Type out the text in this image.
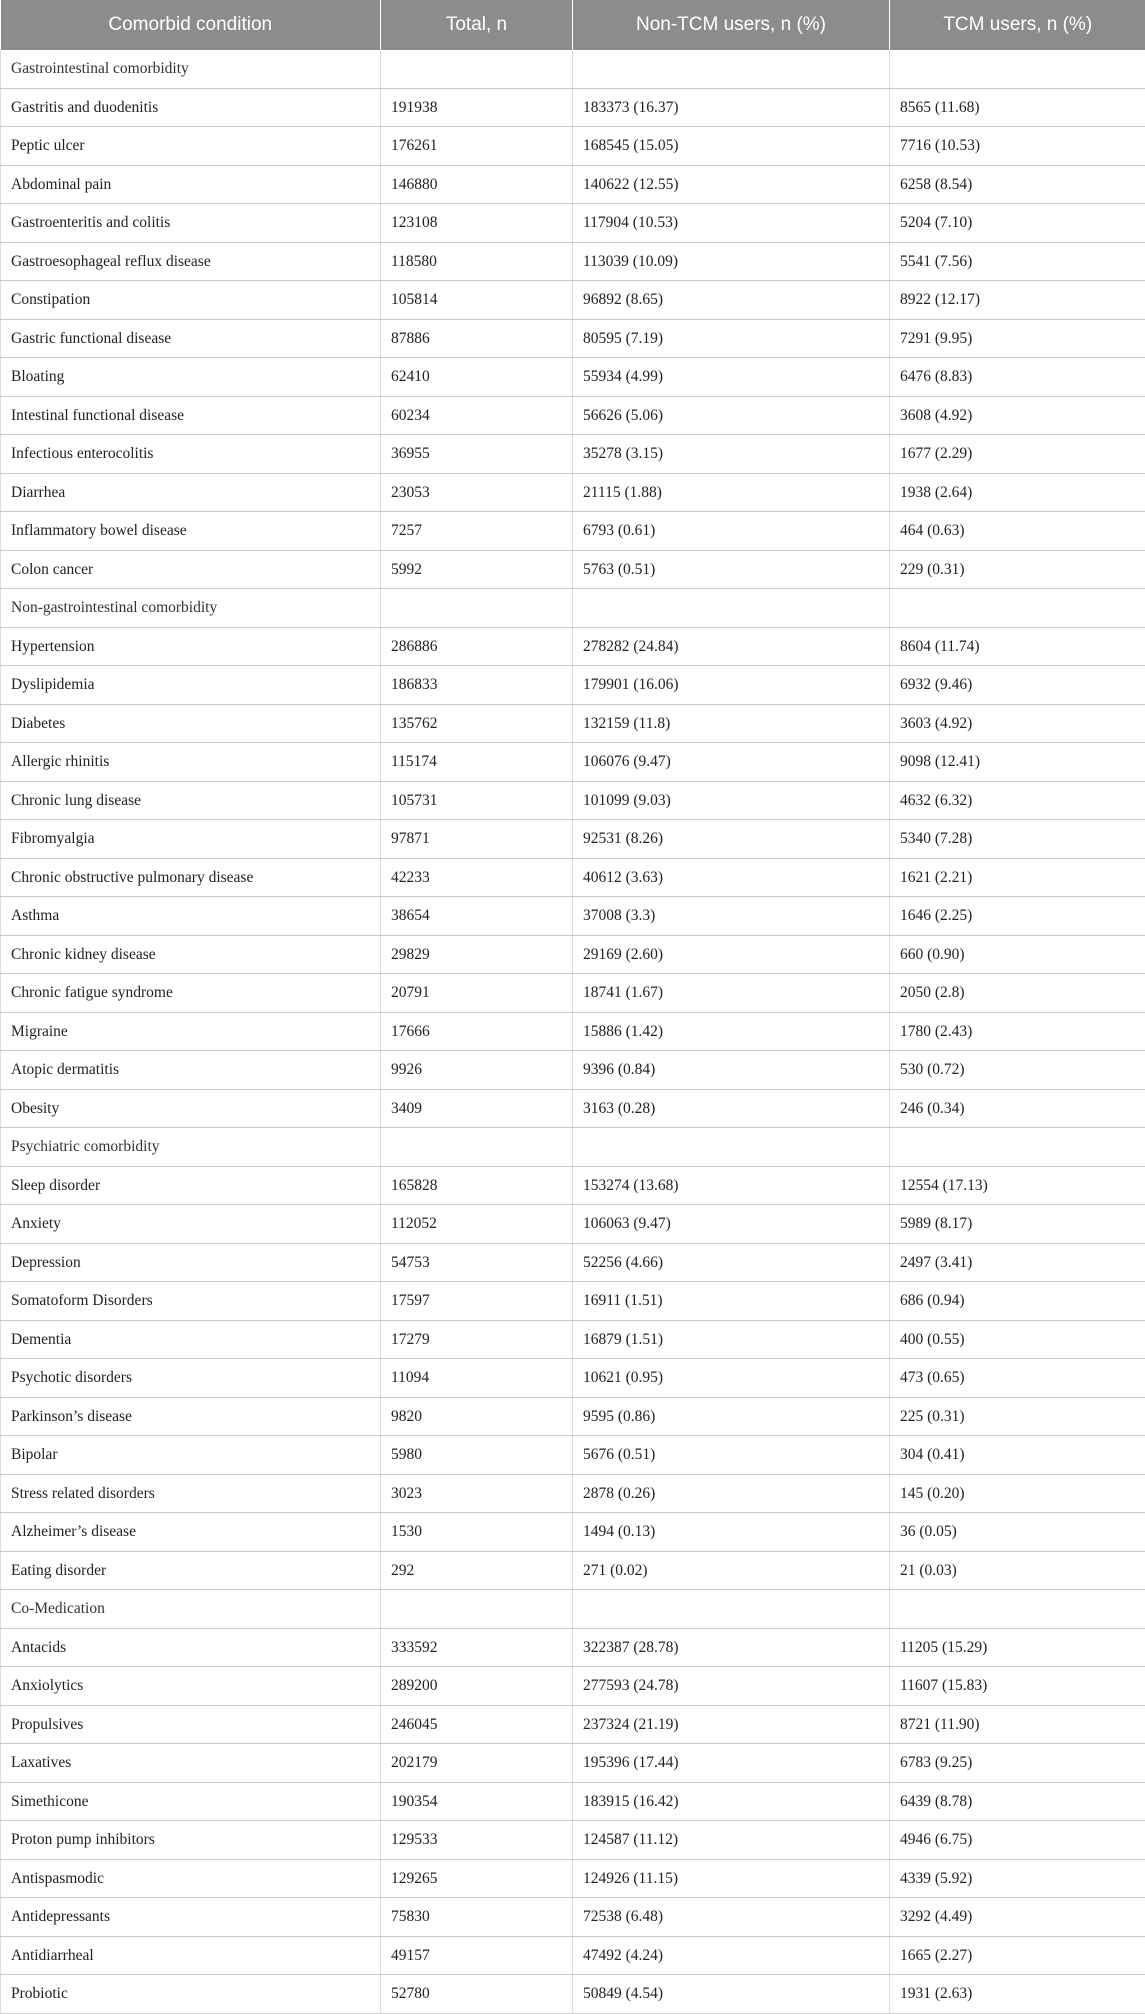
Comorbid condition	Total, n	Non-TCM users, n (%)	TCM users, n (%)
Gastrointestinal comorbidity			
Gastritis and duodenitis	191938	183373 (16.37)	8565 (11.68)
Peptic ulcer	176261	168545 (15.05)	7716 (10.53)
Abdominal pain	146880	140622 (12.55)	6258 (8.54)
Gastroenteritis and colitis	123108	117904 (10.53)	5204 (7.10)
Gastroesophageal reflux disease	118580	113039 (10.09)	5541 (7.56)
Constipation	105814	96892 (8.65)	8922 (12.17)
Gastric functional disease	87886	80595 (7.19)	7291 (9.95)
Bloating	62410	55934 (4.99)	6476 (8.83)
Intestinal functional disease	60234	56626 (5.06)	3608 (4.92)
Infectious enterocolitis	36955	35278 (3.15)	1677 (2.29)
Diarrhea	23053	21115 (1.88)	1938 (2.64)
Inflammatory bowel disease	7257	6793 (0.61)	464 (0.63)
Colon cancer	5992	5763 (0.51)	229 (0.31)
Non-gastrointestinal comorbidity			
Hypertension	286886	278282 (24.84)	8604 (11.74)
Dyslipidemia	186833	179901 (16.06)	6932 (9.46)
Diabetes	135762	132159 (11.8)	3603 (4.92)
Allergic rhinitis	115174	106076 (9.47)	9098 (12.41)
Chronic lung disease	105731	101099 (9.03)	4632 (6.32)
Fibromyalgia	97871	92531 (8.26)	5340 (7.28)
Chronic obstructive pulmonary disease	42233	40612 (3.63)	1621 (2.21)
Asthma	38654	37008 (3.3)	1646 (2.25)
Chronic kidney disease	29829	29169 (2.60)	660 (0.90)
Chronic fatigue syndrome	20791	18741 (1.67)	2050 (2.8)
Migraine	17666	15886 (1.42)	1780 (2.43)
Atopic dermatitis	9926	9396 (0.84)	530 (0.72)
Obesity	3409	3163 (0.28)	246 (0.34)
Psychiatric comorbidity			
Sleep disorder	165828	153274 (13.68)	12554 (17.13)
Anxiety	112052	106063 (9.47)	5989 (8.17)
Depression	54753	52256 (4.66)	2497 (3.41)
Somatoform Disorders	17597	16911 (1.51)	686 (0.94)
Dementia	17279	16879 (1.51)	400 (0.55)
Psychotic disorders	11094	10621 (0.95)	473 (0.65)
Parkinson’s disease	9820	9595 (0.86)	225 (0.31)
Bipolar	5980	5676 (0.51)	304 (0.41)
Stress related disorders	3023	2878 (0.26)	145 (0.20)
Alzheimer’s disease	1530	1494 (0.13)	36 (0.05)
Eating disorder	292	271 (0.02)	21 (0.03)
Co-Medication			
Antacids	333592	322387 (28.78)	11205 (15.29)
Anxiolytics	289200	277593 (24.78)	11607 (15.83)
Propulsives	246045	237324 (21.19)	8721 (11.90)
Laxatives	202179	195396 (17.44)	6783 (9.25)
Simethicone	190354	183915 (16.42)	6439 (8.78)
Proton pump inhibitors	129533	124587 (11.12)	4946 (6.75)
Antispasmodic	129265	124926 (11.15)	4339 (5.92)
Antidepressants	75830	72538 (6.48)	3292 (4.49)
Antidiarrheal	49157	47492 (4.24)	1665 (2.27)
Probiotic	52780	50849 (4.54)	1931 (2.63)
